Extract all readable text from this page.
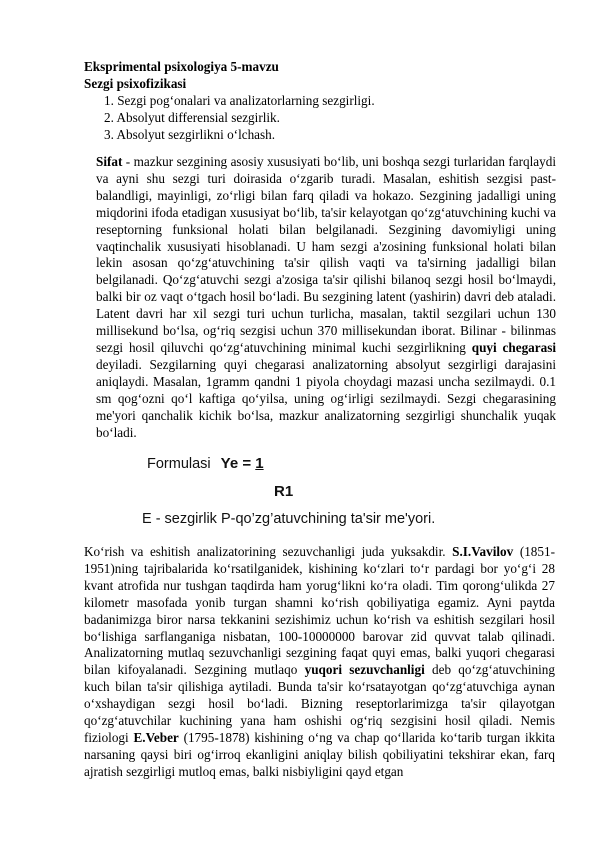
Eksprimental psixologiya 5-mavzu
Sezgi psixofizikasi
1. Sezgi pog‘onalari va analizatorlarning sezgirligi.
2. Absolyut differensial sezgirlik.
3. Absolyut sezgirlikni o‘lchash.
Sifat - mazkur sezgining asosiy xususiyati bo‘lib, uni boshqa sezgi turlaridan farqlaydi va ayni shu sezgi turi doirasida o‘zgarib turadi. Masalan, eshitish sezgisi past-balandligi, mayinligi, zo‘rligi bilan farq qiladi va hokazo. Sezgining jadalligi uning miqdorini ifoda etadigan xususiyat bo‘lib, ta'sir kelayotgan qo‘zg‘atuvchining kuchi va reseptorning funksional holati bilan belgilanadi. Sezgining davomiyligi uning vaqtinchalik xususiyati hisoblanadi. U ham sezgi a'zosining funksional holati bilan lekin asosan qo‘zg‘atuvchining ta'sir qilish vaqti va ta'sirning jadalligi bilan belgilanadi. Qo‘zg‘atuvchi sezgi a'zosiga ta'sir qilishi bilanoq sezgi hosil bo‘lmaydi, balki bir oz vaqt o‘tgach hosil bo‘ladi. Bu sezgining latent (yashirin) davri deb ataladi. Latent davri har xil sezgi turi uchun turlicha, masalan, taktil sezgilari uchun 130 millisekund bo‘lsa, og‘riq sezgisi uchun 370 millisekundan iborat. Bilinar - bilinmas sezgi hosil qiluvchi qo‘zg‘atuvchining minimal kuchi sezgirlikning quyi chegarasi deyiladi. Sezgilarning quyi chegarasi analizatorning absolyut sezgirligi darajasini aniqlaydi. Masalan, 1gramm qandni 1 piyola choydagi mazasi uncha sezilmaydi. 0.1 sm qog‘ozni qo‘l kaftiga qo‘yilsa, uning og‘irligi sezilmaydi. Sezgi chegarasining me'yori qanchalik kichik bo‘lsa, mazkur analizatorning sezgirligi shunchalik yuqak bo‘ladi.
Formulasi Ye = 1
R1
E - sezgirlik P-qo’zg’atuvchining ta'sir me'yori.
Ko‘rish va eshitish analizatorining sezuvchanligi juda yuksakdir. S.I.Vavilov (1851-1951)ning tajribalarida ko‘rsatilganidek, kishining ko‘zlari to‘r pardagi bor yo‘g‘i 28 kvant atrofida nur tushgan taqdirda ham yorug‘likni ko‘ra oladi. Tim qorong‘ulikda 27 kilometr masofada yonib turgan shamni ko‘rish qobiliyatiga egamiz. Ayni paytda badanimizga biror narsa tekkanini sezishimiz uchun ko‘rish va eshitish sezgilari hosil bo‘lishiga sarflanganiga nisbatan, 100-10000000 barovar zid quvvat talab qilinadi. Analizatorning mutlaq sezuvchanligi sezgining faqat quyi emas, balki yuqori chegarasi bilan kifoyalanadi. Sezgining mutlaqo yuqori sezuvchanligi deb qo‘zg‘atuvchining kuch bilan ta'sir qilishiga aytiladi. Bunda ta'sir ko‘rsatayotgan qo‘zg‘atuvchiga aynan o‘xshaydigan sezgi hosil bo‘ladi. Bizning reseptorlarimizga ta'sir qilayotgan qo‘zg‘atuvchilar kuchining yana ham oshishi og‘riq sezgisini hosil qiladi. Nemis fiziologi E.Veber (1795-1878) kishining o‘ng va chap qo‘llarida ko‘tarib turgan ikkita narsaning qaysi biri og‘irroq ekanligini aniqlay bilish qobiliyatini tekshirar ekan, farq ajratish sezgirligi mutloq emas, balki nisbiyligini qayd etgan
